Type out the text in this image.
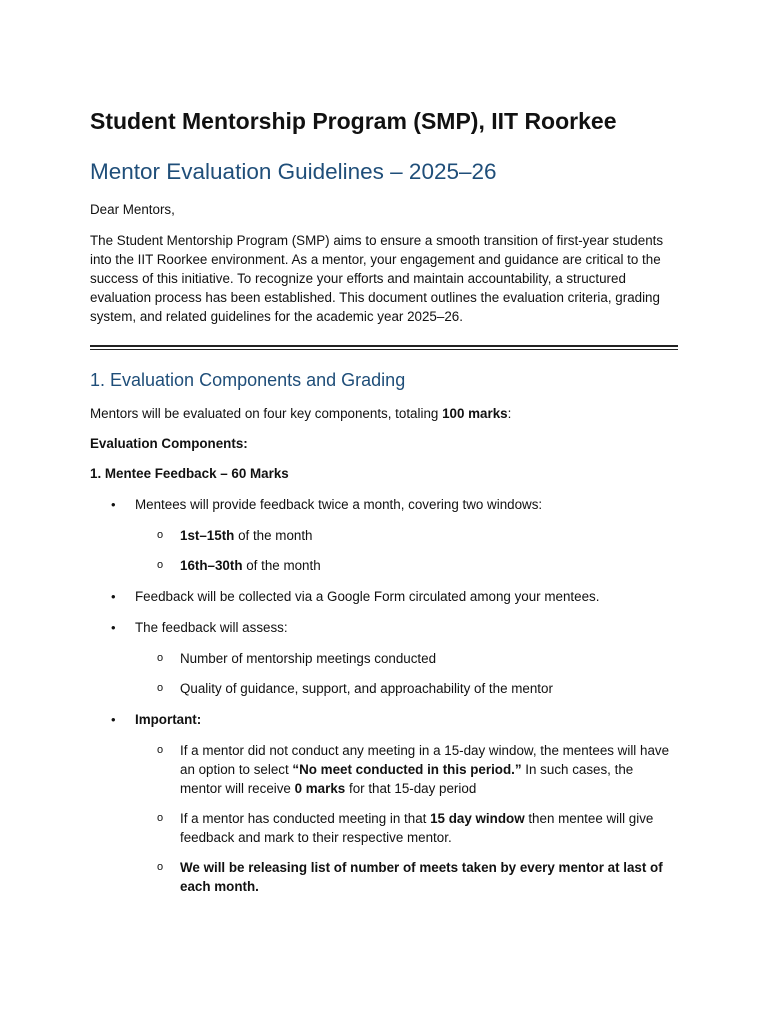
Student Mentorship Program (SMP), IIT Roorkee
Mentor Evaluation Guidelines – 2025–26

Dear Mentors,

The Student Mentorship Program (SMP) aims to ensure a smooth transition of first-year students into the IIT Roorkee environment. As a mentor, your engagement and guidance are critical to the success of this initiative. To recognize your efforts and maintain accountability, a structured evaluation process has been established. This document outlines the evaluation criteria, grading system, and related guidelines for the academic year 2025–26.

1. Evaluation Components and Grading

Mentors will be evaluated on four key components, totaling 100 marks:

Evaluation Components:

1. Mentee Feedback – 60 Marks

• Mentees will provide feedback twice a month, covering two windows:
o 1st–15th of the month
o 16th–30th of the month
• Feedback will be collected via a Google Form circulated among your mentees.
• The feedback will assess:
o Number of mentorship meetings conducted
o Quality of guidance, support, and approachability of the mentor
• Important:
o If a mentor did not conduct any meeting in a 15-day window, the mentees will have an option to select “No meet conducted in this period.” In such cases, the mentor will receive 0 marks for that 15-day period
o If a mentor has conducted meeting in that 15 day window then mentee will give feedback and mark to their respective mentor.
o We will be releasing list of number of meets taken by every mentor at last of each month.
